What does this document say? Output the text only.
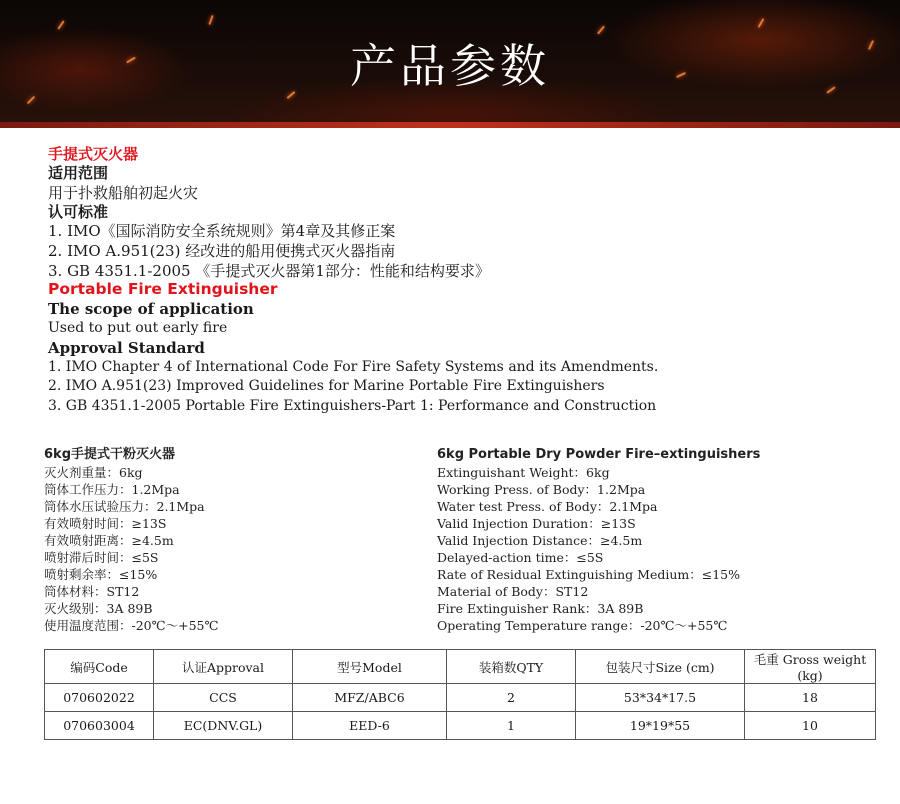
产品参数
手提式灭火器
适用范围
用于扑救船舶初起火灾
认可标准
1. IMO《国际消防安全系统规则》第4章及其修正案
2. IMO A.951(23) 经改进的船用便携式灭火器指南
3. GB 4351.1-2005 《手提式灭火器第1部分：性能和结构要求》
Portable Fire Extinguisher
The scope of application
Used to put out early fire
Approval Standard
1. IMO Chapter 4 of International Code For Fire Safety Systems and its Amendments.
2. IMO A.951(23) Improved Guidelines for Marine Portable Fire Extinguishers
3. GB 4351.1-2005 Portable Fire Extinguishers-Part 1: Performance and Construction
6kg手提式干粉灭火器
灭火剂重量：6kg
筒体工作压力：1.2Mpa
筒体水压试验压力：2.1Mpa
有效喷射时间：≥13S
有效喷射距离：≥4.5m
喷射滞后时间：≤5S
喷射剩余率：≤15%
筒体材料：ST12
灭火级别：3A 89B
使用温度范围：-20℃～+55℃
6kg Portable Dry Powder Fire–extinguishers
Extinguishant Weight：6kg
Working Press. of Body：1.2Mpa
Water test Press. of Body：2.1Mpa
Valid Injection Duration：≥13S
Valid Injection Distance：≥4.5m
Delayed-action time：≤5S
Rate of Residual Extinguishing Medium：≤15%
Material of Body：ST12
Fire Extinguisher Rank：3A 89B
Operating Temperature range：-20℃～+55℃
编码Code	认证Approval	型号Model	装箱数QTY	包装尺寸Size (cm)	毛重 Gross weight (kg)
070602022	CCS	MFZ/ABC6	2	53*34*17.5	18
070603004	EC(DNV.GL)	EED-6	1	19*19*55	10
